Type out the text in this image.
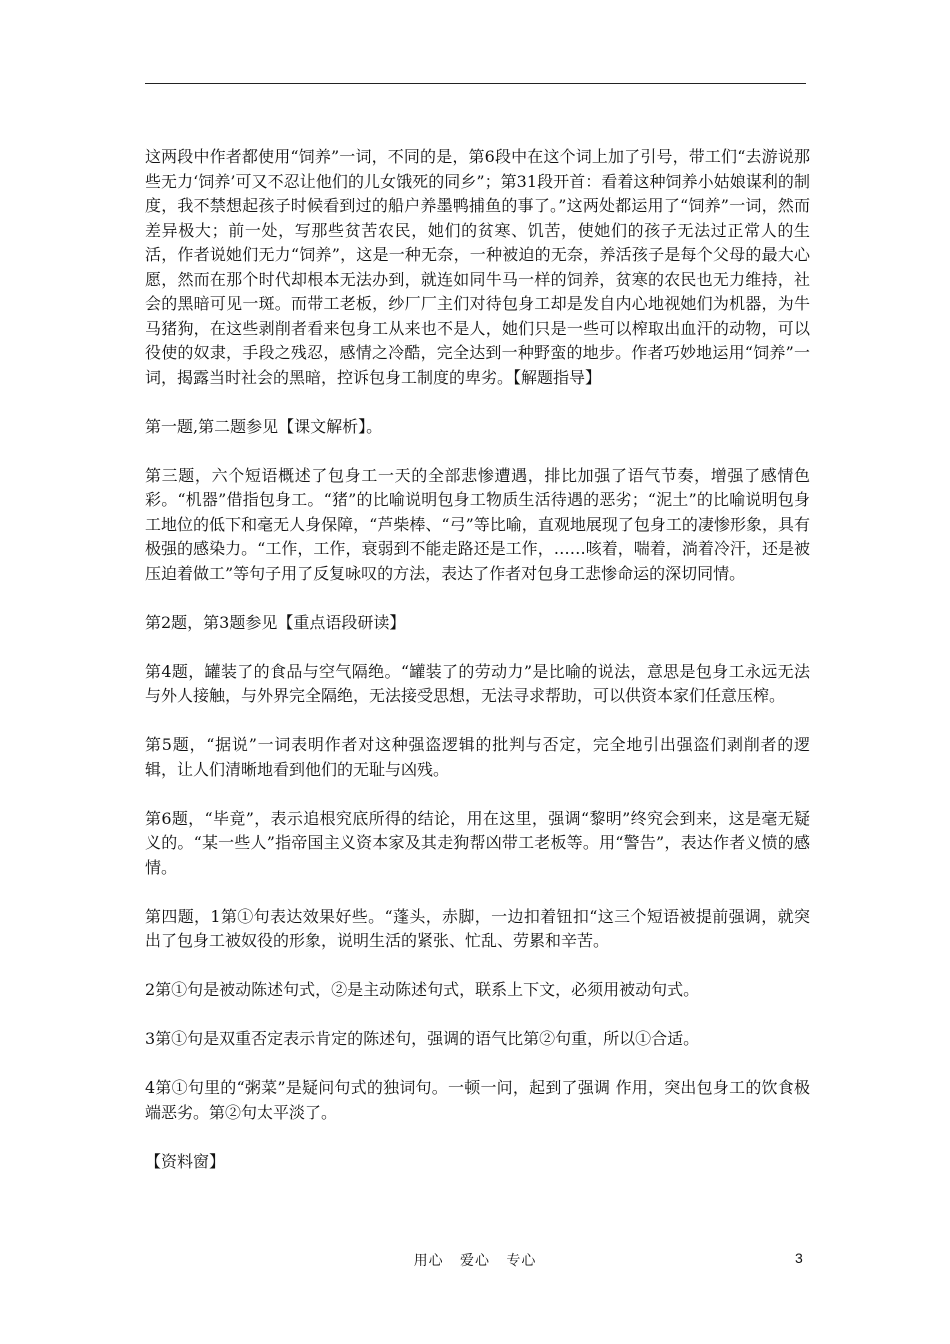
这两段中作者都使用“饲养”一词，不同的是，第6段中在这个词上加了引号，带工们“去游说那些无力‘饲养’可又不忍让他们的儿女饿死的同乡”；第31段开首：看着这种饲养小姑娘谋利的制度，我不禁想起孩子时候看到过的船户养墨鸭捕鱼的事了。”这两处都运用了“饲养”一词，然而差异极大；前一处，写那些贫苦农民，她们的贫寒、饥苦，使她们的孩子无法过正常人的生活，作者说她们无力“饲养”，这是一种无奈，一种被迫的无奈，养活孩子是每个父母的最大心愿，然而在那个时代却根本无法办到，就连如同牛马一样的饲养，贫寒的农民也无力维持，社会的黑暗可见一斑。而带工老板，纱厂厂主们对待包身工却是发自内心地视她们为机器，为牛马猪狗，在这些剥削者看来包身工从来也不是人，她们只是一些可以榨取出血汗的动物，可以役使的奴隶，手段之残忍，感情之冷酷，完全达到一种野蛮的地步。作者巧妙地运用“饲养”一词，揭露当时社会的黑暗，控诉包身工制度的卑劣。【解题指导】

第一题,第二题参见【课文解析】。

第三题，六个短语概述了包身工一天的全部悲惨遭遇，排比加强了语气节奏，增强了感情色彩。“机器”借指包身工。“猪”的比喻说明包身工物质生活待遇的恶劣；“泥土”的比喻说明包身工地位的低下和毫无人身保障，“芦柴棒、“弓”等比喻，直观地展现了包身工的凄惨形象，具有极强的感染力。“工作，工作，衰弱到不能走路还是工作，……咳着，喘着，淌着冷汗，还是被压迫着做工”等句子用了反复咏叹的方法，表达了作者对包身工悲惨命运的深切同情。

第2题，第3题参见【重点语段研读】

第4题，罐装了的食品与空气隔绝。“罐装了的劳动力”是比喻的说法，意思是包身工永远无法与外人接触，与外界完全隔绝，无法接受思想，无法寻求帮助，可以供资本家们任意压榨。

第5题，“据说”一词表明作者对这种强盗逻辑的批判与否定，完全地引出强盗们剥削者的逻辑，让人们清晰地看到他们的无耻与凶残。

第6题，“毕竟”，表示追根究底所得的结论，用在这里，强调“黎明”终究会到来，这是毫无疑义的。“某一些人”指帝国主义资本家及其走狗帮凶带工老板等。用“警告”，表达作者义愤的感情。

第四题，1第①句表达效果好些。“蓬头，赤脚，一边扣着钮扣“这三个短语被提前强调，就突出了包身工被奴役的形象，说明生活的紧张、忙乱、劳累和辛苦。

2第①句是被动陈述句式，②是主动陈述句式，联系上下文，必须用被动句式。

3第①句是双重否定表示肯定的陈述句，强调的语气比第②句重，所以①合适。

4第①句里的“粥菜”是疑问句式的独词句。一顿一问，起到了强调 作用，突出包身工的饮食极端恶劣。第②句太平淡了。

【资料窗】

用心   爱心   专心	3
